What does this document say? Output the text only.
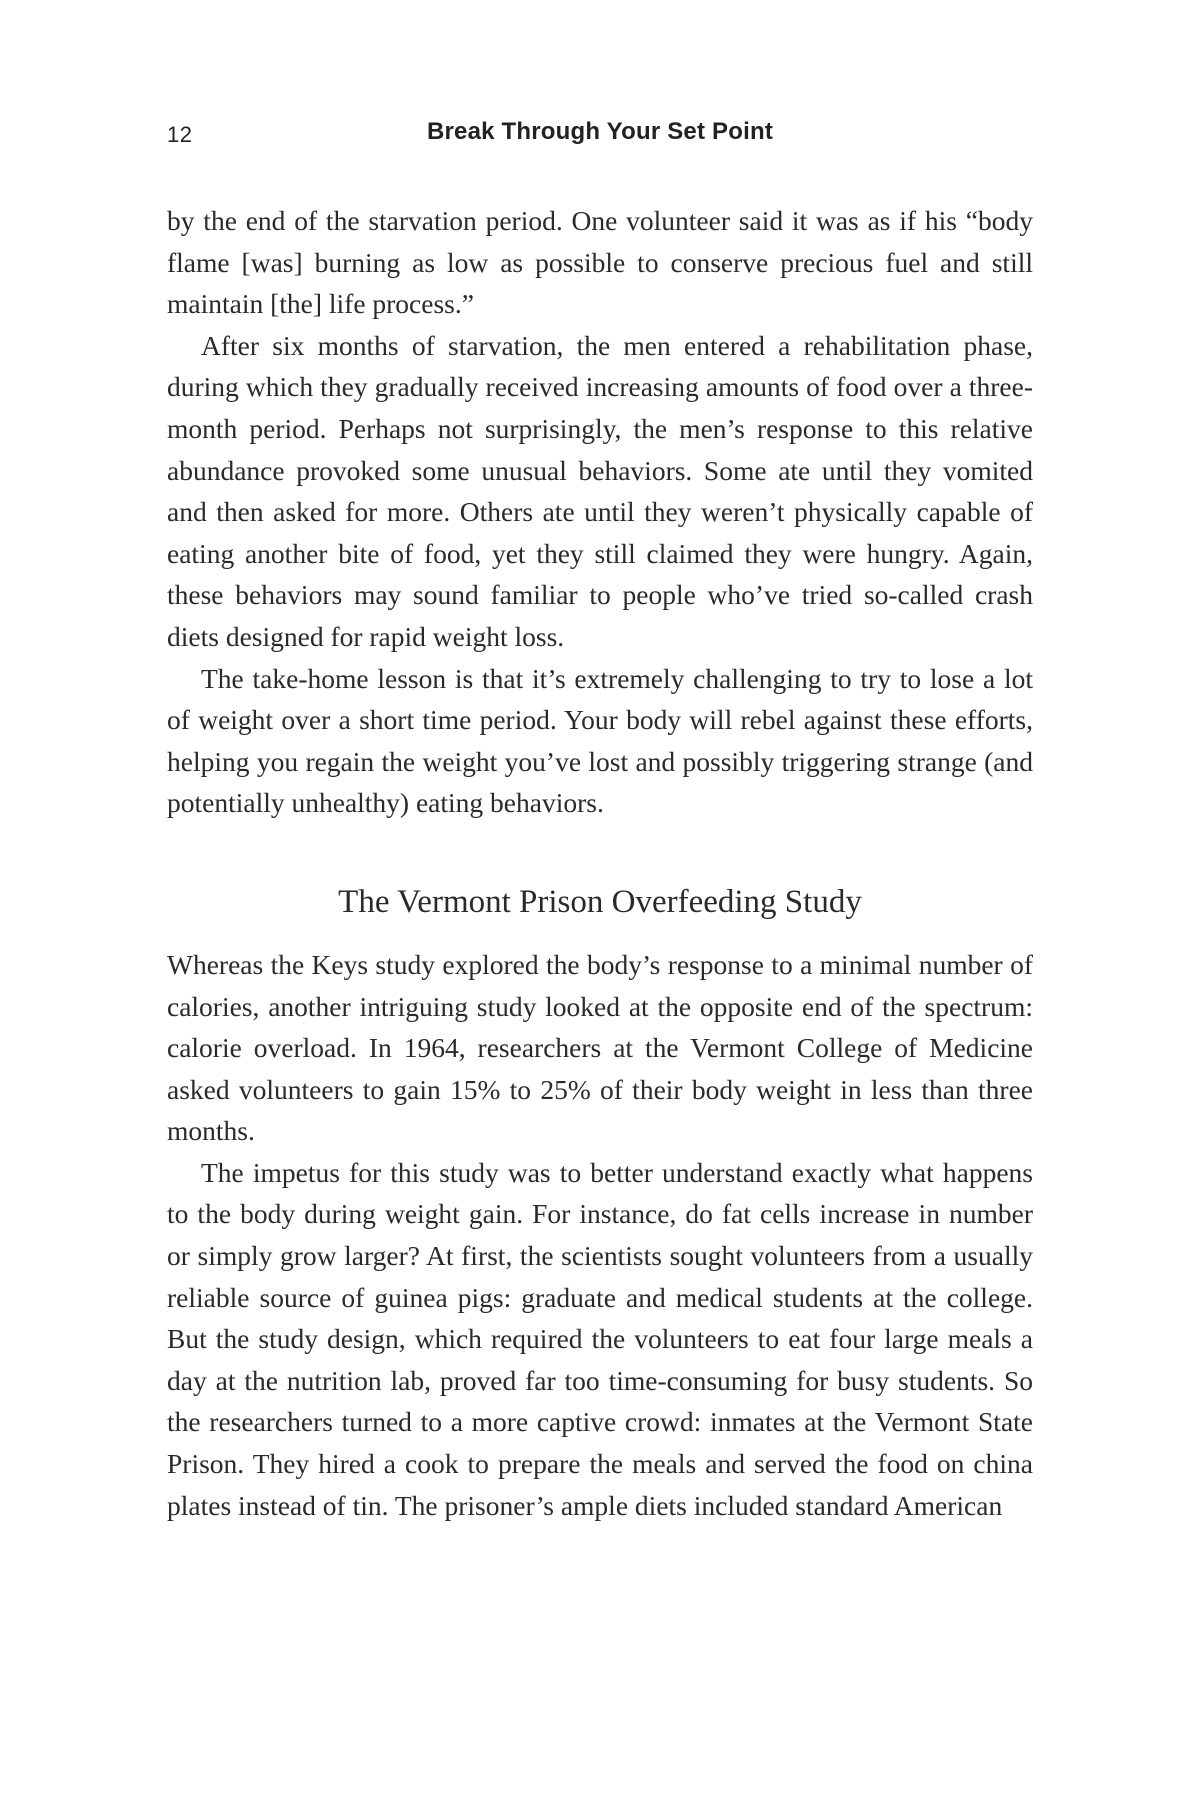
12	Break Through Your Set Point

by the end of the starvation period. One volunteer said it was as if his “body flame [was] burning as low as possible to conserve precious fuel and still maintain [the] life process.”

After six months of starvation, the men entered a rehabilitation phase, during which they gradually received increasing amounts of food over a three-month period. Perhaps not surprisingly, the men’s response to this relative abundance provoked some unusual behaviors. Some ate until they vomited and then asked for more. Others ate until they weren’t physically capable of eating another bite of food, yet they still claimed they were hungry. Again, these behaviors may sound familiar to people who’ve tried so-called crash diets designed for rapid weight loss.

The take-home lesson is that it’s extremely challenging to try to lose a lot of weight over a short time period. Your body will rebel against these efforts, helping you regain the weight you’ve lost and possibly triggering strange (and potentially unhealthy) eating behaviors.

The Vermont Prison Overfeeding Study

Whereas the Keys study explored the body’s response to a minimal number of calories, another intriguing study looked at the opposite end of the spectrum: calorie overload. In 1964, researchers at the Vermont College of Medicine asked volunteers to gain 15% to 25% of their body weight in less than three months.

The impetus for this study was to better understand exactly what happens to the body during weight gain. For instance, do fat cells increase in number or simply grow larger? At first, the scientists sought volunteers from a usually reliable source of guinea pigs: graduate and medical students at the college. But the study design, which required the volunteers to eat four large meals a day at the nutrition lab, proved far too time-consuming for busy students. So the researchers turned to a more captive crowd: inmates at the Vermont State Prison. They hired a cook to prepare the meals and served the food on china plates instead of tin. The prisoner’s ample diets included standard American
